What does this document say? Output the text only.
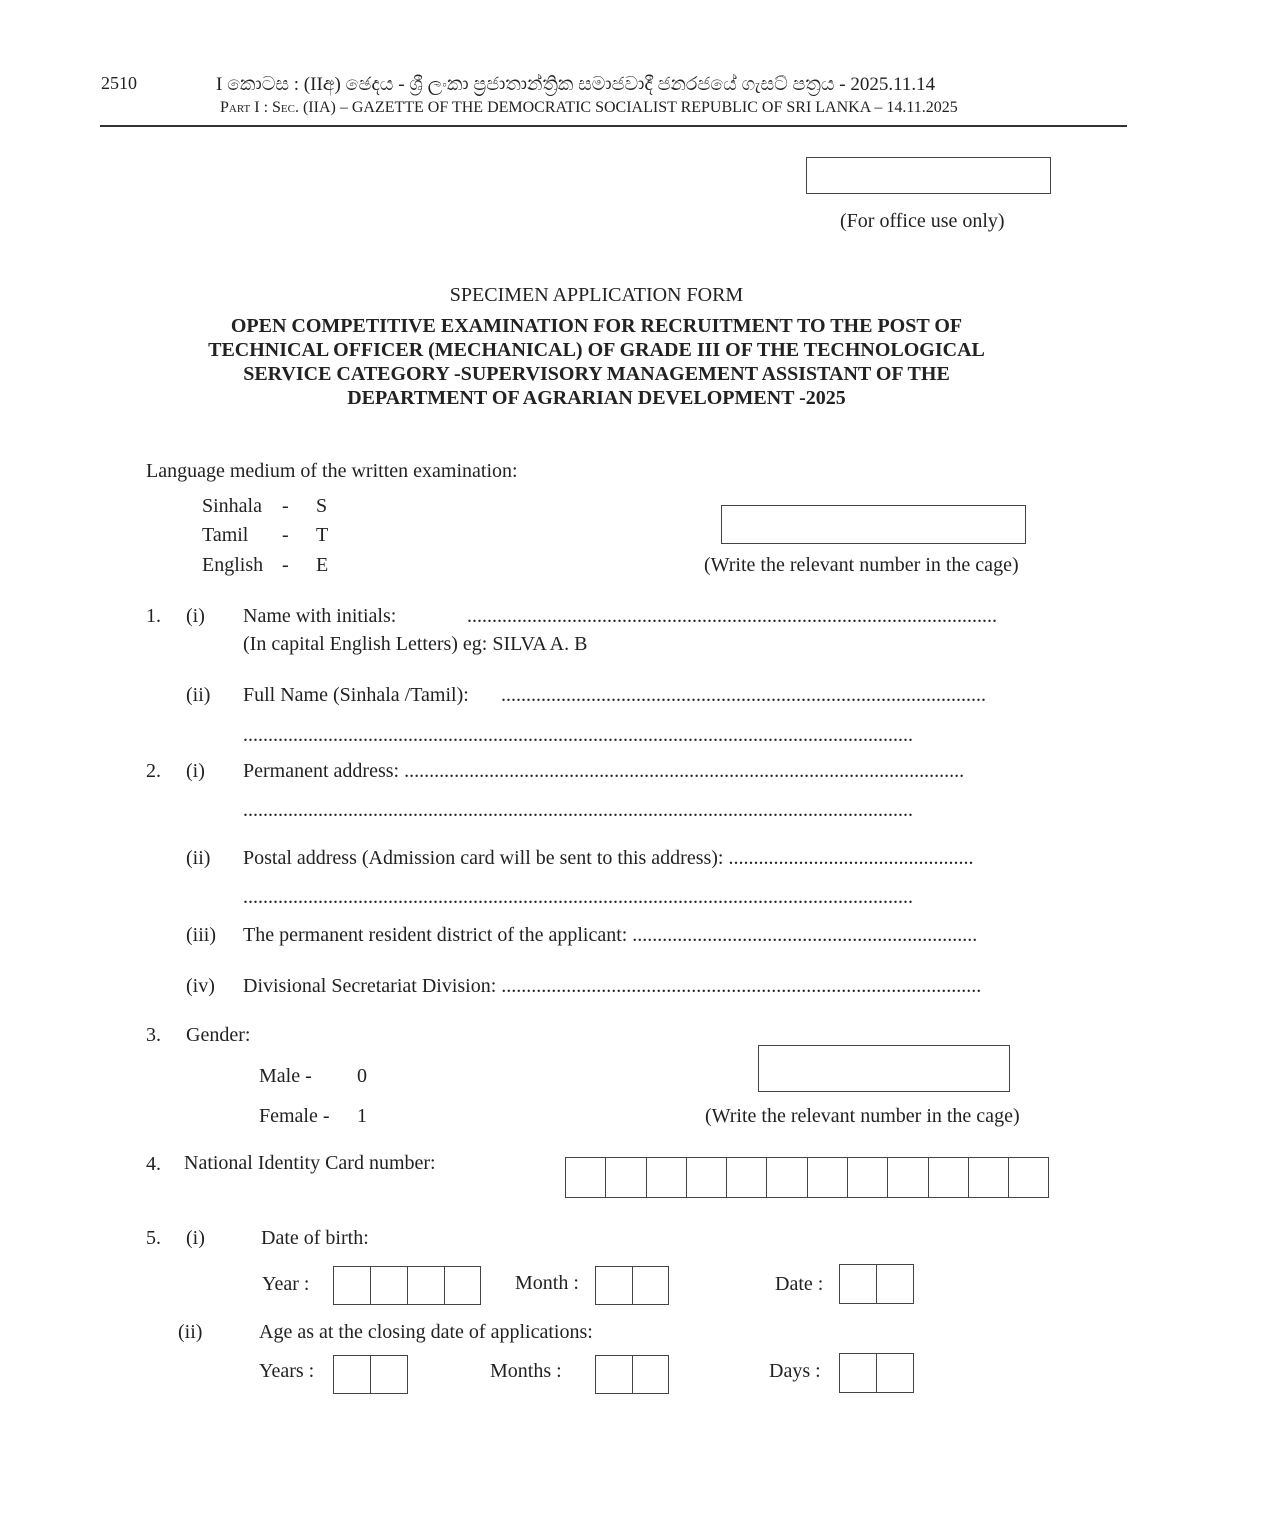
2510	I කොටස : (IIඅ) ඡෙදය - ශ්‍රී ලංකා ප්‍රජාතාන්ත්‍රික සමාජවාදී ජනරජයේ ගැසට් පත්‍රය - 2025.11.14
Part I : Sec. (IIA) – GAZETTE OF THE DEMOCRATIC SOCIALIST REPUBLIC OF SRI LANKA – 14.11.2025
(For office use only)
SPECIMEN APPLICATION FORM
OPEN COMPETITIVE EXAMINATION FOR RECRUITMENT TO THE POST OF
TECHNICAL OFFICER (MECHANICAL) OF GRADE III OF THE TECHNOLOGICAL
SERVICE CATEGORY -SUPERVISORY MANAGEMENT ASSISTANT OF THE
DEPARTMENT OF AGRARIAN DEVELOPMENT -2025
Language medium of the written examination:
Sinhala - S
Tamil - T
English - E	(Write the relevant number in the cage)
1. (i) Name with initials:	..........................................................................................................
(In capital English Letters) eg: SILVA A. B
(ii) Full Name (Sinhala /Tamil): .................................................................................................
......................................................................................................................................
2. (i) Permanent address: ................................................................................................................
......................................................................................................................................
(ii) Postal address (Admission card will be sent to this address): .................................................
......................................................................................................................................
(iii) The permanent resident district of the applicant: .....................................................................
(iv) Divisional Secretariat Division: ................................................................................................
3. Gender:
Male - 0
Female - 1	(Write the relevant number in the cage)
4. National Identity Card number:
5. (i)	Date of birth:
Year :	Month :	Date :
(ii)	Age as at the closing date of applications:
Years :	Months :	Days :
